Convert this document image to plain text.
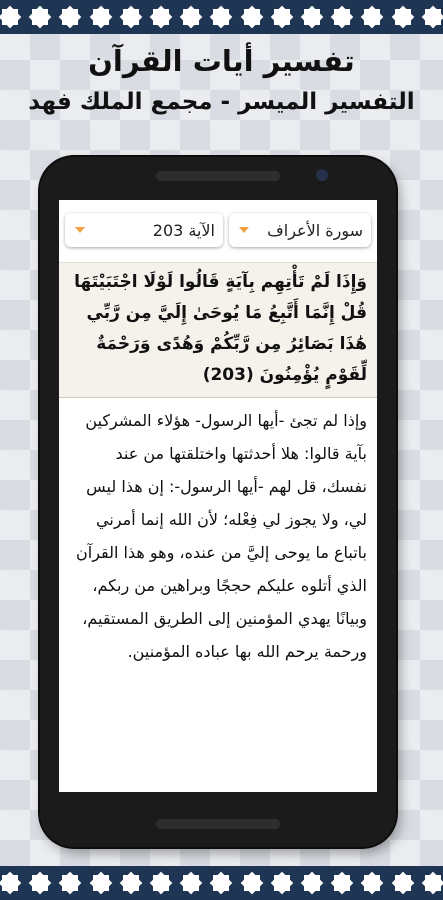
تفسير أيات القرآن
التفسير الميسر - مجمع الملك فهد
الآية 203	سورة الأعراف
وَإِذَا لَمْ تَأْتِهِم بِآيَةٍ قَالُوا لَوْلَا اجْتَبَيْتَهَا قُلْ إِنَّمَا أَتَّبِعُ مَا يُوحَىٰ إِلَيَّ مِن رَّبِّي هَٰذَا بَصَائِرُ مِن رَّبِّكُمْ وَهُدًى وَرَحْمَةٌ لِّقَوْمٍ يُؤْمِنُونَ (203)
وإذا لم تجئ -أيها الرسول- هؤلاء المشركين بآية قالوا: هلا أحدثتها واختلقتها من عند نفسك، قل لهم -أيها الرسول-: إن هذا ليس لي، ولا يجوز لي فِعْله؛ لأن الله إنما أمرني باتباع ما يوحى إليَّ من عنده، وهو هذا القرآن الذي أتلوه عليكم حججًا وبراهين من ربكم، وبيانًا يهدي المؤمنين إلى الطريق المستقيم، ورحمة يرحم الله بها عباده المؤمنين.
